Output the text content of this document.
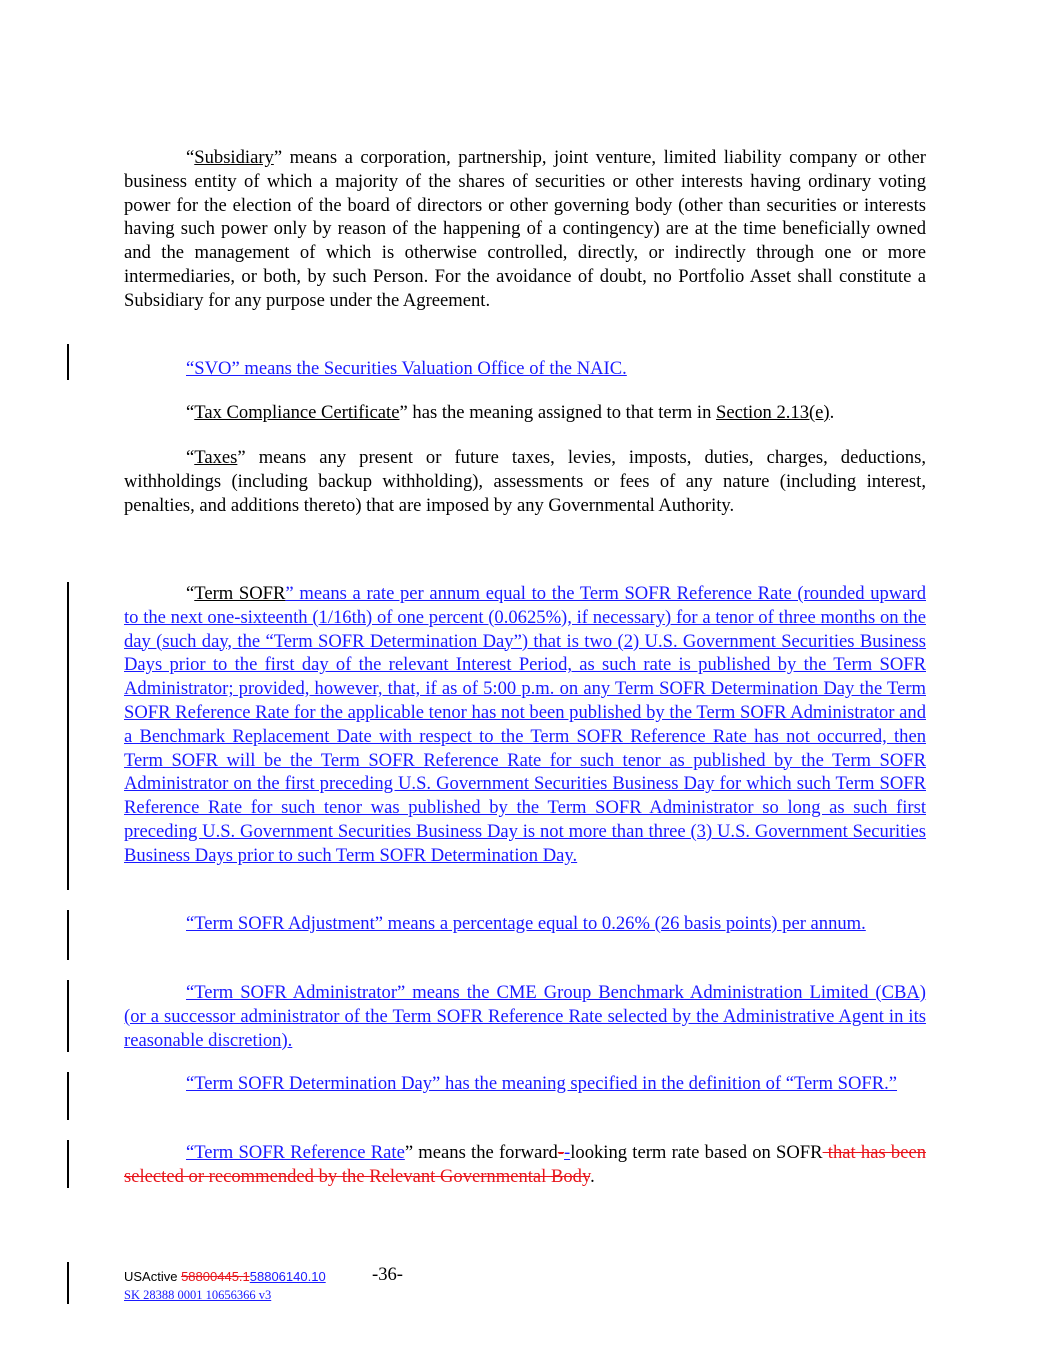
“Subsidiary” means a corporation, partnership, joint venture, limited liability company or other business entity of which a majority of the shares of securities or other interests having ordinary voting power for the election of the board of directors or other governing body (other than securities or interests having such power only by reason of the happening of a contingency) are at the time beneficially owned and the management of which is otherwise controlled, directly, or indirectly through one or more intermediaries, or both, by such Person. For the avoidance of doubt, no Portfolio Asset shall constitute a Subsidiary for any purpose under the Agreement.

“SVO” means the Securities Valuation Office of the NAIC.

“Tax Compliance Certificate” has the meaning assigned to that term in Section 2.13(e).

“Taxes” means any present or future taxes, levies, imposts, duties, charges, deductions, withholdings (including backup withholding), assessments or fees of any nature (including interest, penalties, and additions thereto) that are imposed by any Governmental Authority.

“Term SOFR” means a rate per annum equal to the Term SOFR Reference Rate (rounded upward to the next one-sixteenth (1/16th) of one percent (0.0625%), if necessary) for a tenor of three months on the day (such day, the “Term SOFR Determination Day”) that is two (2) U.S. Government Securities Business Days prior to the first day of the relevant Interest Period, as such rate is published by the Term SOFR Administrator; provided, however, that, if as of 5:00 p.m. on any Term SOFR Determination Day the Term SOFR Reference Rate for the applicable tenor has not been published by the Term SOFR Administrator and a Benchmark Replacement Date with respect to the Term SOFR Reference Rate has not occurred, then Term SOFR will be the Term SOFR Reference Rate for such tenor as published by the Term SOFR Administrator on the first preceding U.S. Government Securities Business Day for which such Term SOFR Reference Rate for such tenor was published by the Term SOFR Administrator so long as such first preceding U.S. Government Securities Business Day is not more than three (3) U.S. Government Securities Business Days prior to such Term SOFR Determination Day.

“Term SOFR Adjustment” means a percentage equal to 0.26% (26 basis points) per annum.

“Term SOFR Administrator” means the CME Group Benchmark Administration Limited (CBA) (or a successor administrator of the Term SOFR Reference Rate selected by the Administrative Agent in its reasonable discretion).

“Term SOFR Determination Day” has the meaning specified in the definition of “Term SOFR.”

“Term SOFR Reference Rate” means the forward--looking term rate based on SOFR that has been selected or recommended by the Relevant Governmental Body.

USActive 58800445.158806140.10 -36-
SK 28388 0001 10656366 v3
